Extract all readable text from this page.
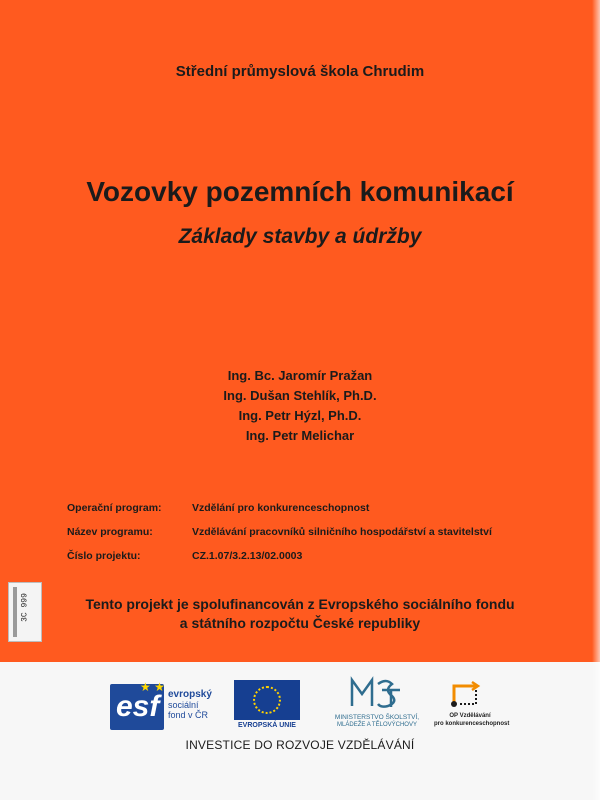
Střední průmyslová škola Chrudim
Vozovky pozemních komunikací
Základy stavby a údržby
Ing. Bc. Jaromír Pražan
Ing. Dušan Stehlík, Ph.D.
Ing. Petr Hýzl, Ph.D.
Ing. Petr Melichar
Operační program:	Vzdělání pro konkurenceschopnost
Název programu:	Vzdělávání pracovníků silničního hospodářství a stavitelství
Číslo projektu:	CZ.1.07/3.2.13/02.0003
3C 999	Tento projekt je spolufinancován z Evropského sociálního fondu
a státního rozpočtu České republiky
★ ★
esf evropský
sociální
fond v ČR
EVROPSKÁ UNIE
MINISTERSTVO ŠKOLSTVÍ,
MLÁDEŽE A TĚLOVÝCHOVY
OP Vzdělávání
pro konkurenceschopnost
INVESTICE DO ROZVOJE VZDĚLÁVÁNÍ
